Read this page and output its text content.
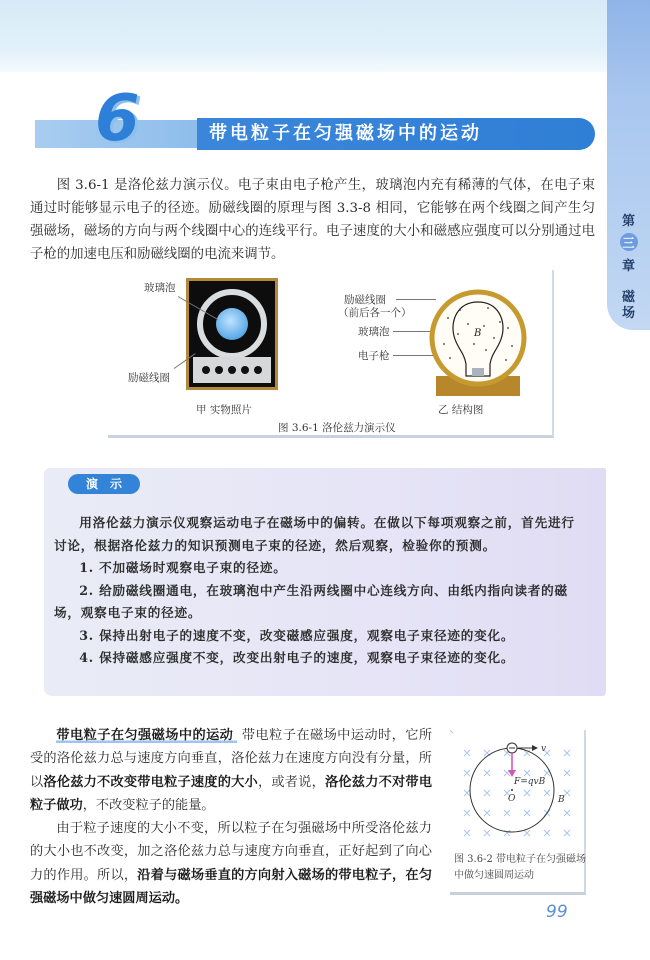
第
三
章
磁
场
6	带电粒子在匀强磁场中的运动

图 3.6-1 是洛伦兹力演示仪。电子束由电子枪产生，玻璃泡内充有稀薄的气体，在电子束通过时能够显示电子的径迹。励磁线圈的原理与图 3.3-8 相同，它能够在两个线圈之间产生匀强磁场，磁场的方向与两个线圈中心的连线平行。电子速度的大小和磁感应强度可以分别通过电子枪的加速电压和励磁线圈的电流来调节。

玻璃泡
励磁线圈
励磁线圈
（前后各一个）
玻璃泡
电子枪
B
甲 实物照片	乙 结构图
图 3.6-1 洛伦兹力演示仪
演示

用洛伦兹力演示仪观察运动电子在磁场中的偏转。在做以下每项观察之前，首先进行讨论，根据洛伦兹力的知识预测电子束的径迹，然后观察，检验你的预测。

1. 不加磁场时观察电子束的径迹。

2. 给励磁线圈通电，在玻璃泡中产生沿两线圈中心连线方向、由纸内指向读者的磁场，观察电子束的径迹。

3. 保持出射电子的速度不变，改变磁感应强度，观察电子束径迹的变化。

4. 保持磁感应强度不变，改变出射电子的速度，观察电子束径迹的变化。

带电粒子在匀强磁场中的运动 带电粒子在磁场中运动时，它所受的洛伦兹力总与速度方向垂直，洛伦兹力在速度方向没有分量，所以洛伦兹力不改变带电粒子速度的大小，或者说，洛伦兹力不对带电粒子做功，不改变粒子的能量。

由于粒子速度的大小不变，所以粒子在匀强磁场中所受洛伦兹力的大小也不改变，加之洛伦兹力总与速度方向垂直，正好起到了向心力的作用。所以，沿着与磁场垂直的方向射入磁场的带电粒子，在匀强磁场中做匀速圆周运动。

v
F=qvB
O	B
图 3.6-2 带电粒子在匀强磁场中做匀速圆周运动
99
